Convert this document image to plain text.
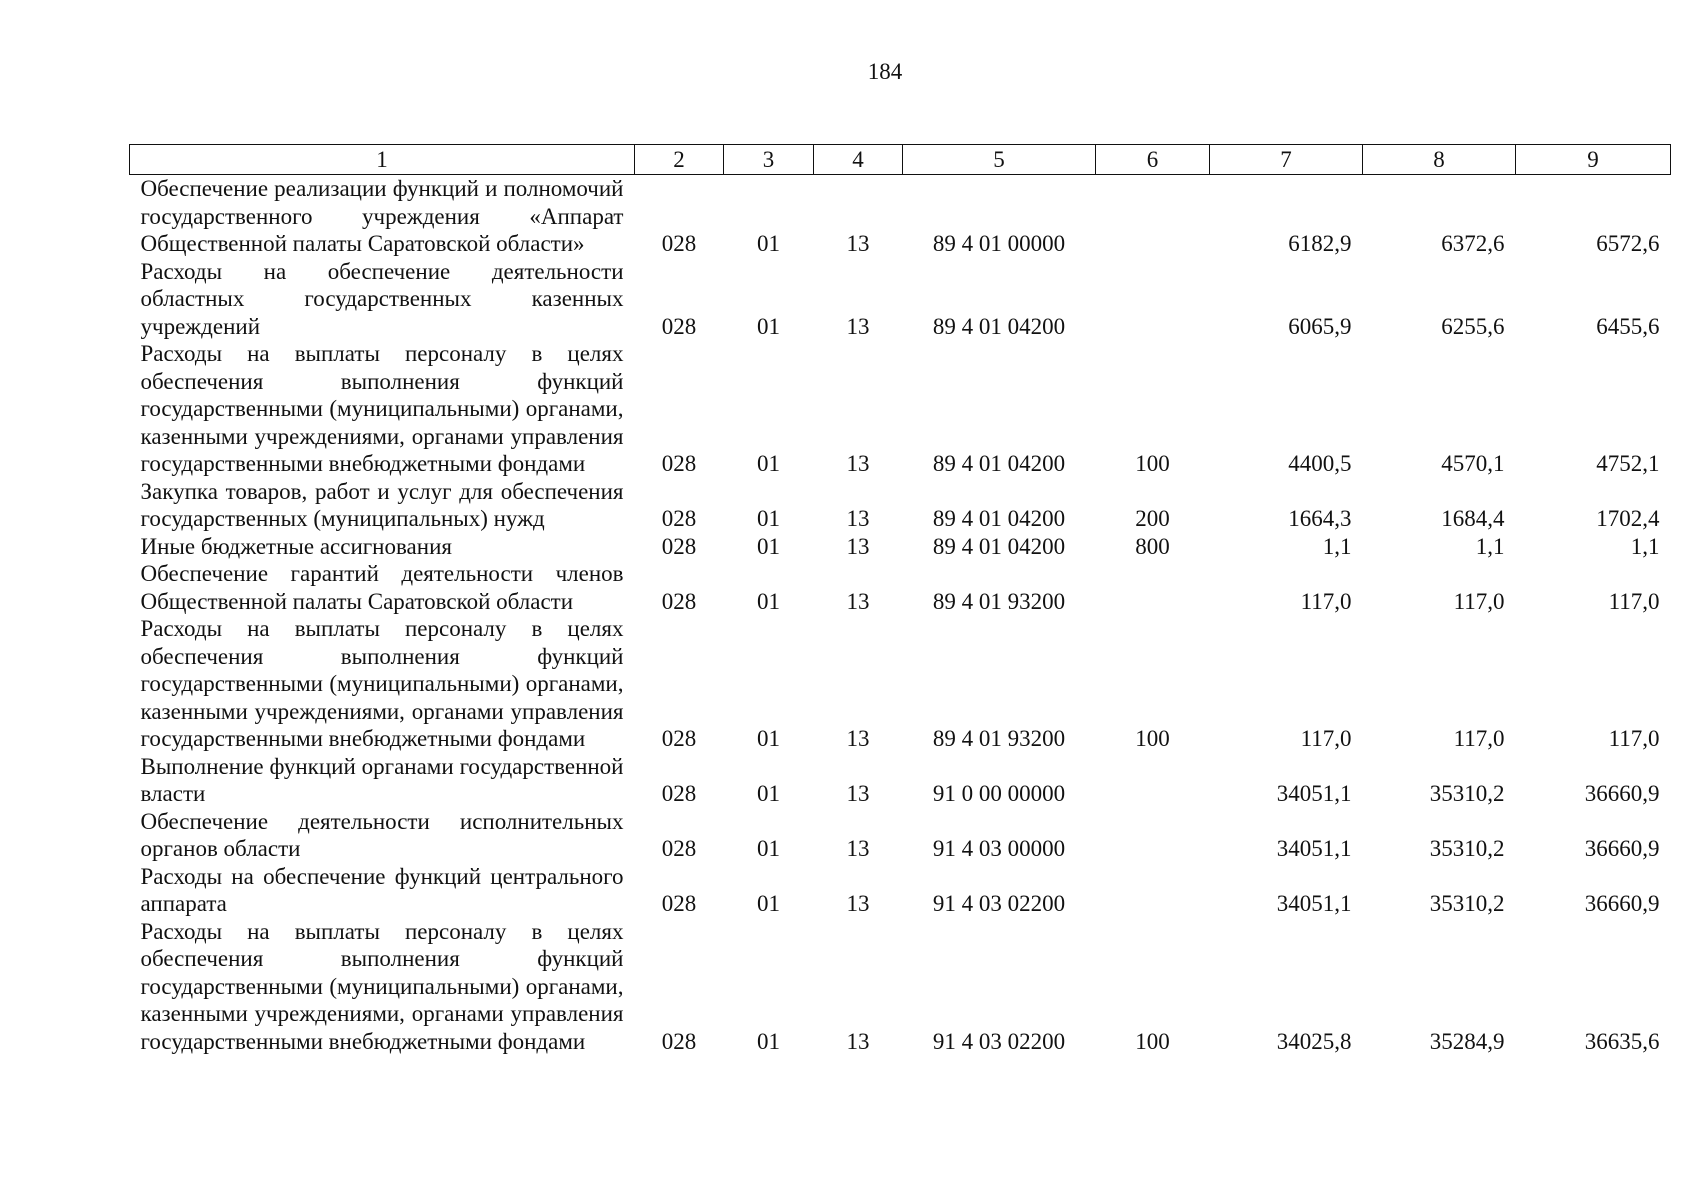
184
1	2	3	4	5	6	7	8	9
Обеспечение реализации функций и полномочий государственного учреждения «Аппарат Общественной палаты Саратовской области»	028	01	13	89 4 01 00000		6182,9	6372,6	6572,6
Расходы на обеспечение деятельности областных государственных казенных учреждений	028	01	13	89 4 01 04200		6065,9	6255,6	6455,6
Расходы на выплаты персоналу в целях обеспечения выполнения функций государственными (муниципальными) органами, казенными учреждениями, органами управления государственными внебюджетными фондами	028	01	13	89 4 01 04200	100	4400,5	4570,1	4752,1
Закупка товаров, работ и услуг для обеспечения государственных (муниципальных) нужд	028	01	13	89 4 01 04200	200	1664,3	1684,4	1702,4
Иные бюджетные ассигнования	028	01	13	89 4 01 04200	800	1,1	1,1	1,1
Обеспечение гарантий деятельности членов Общественной палаты Саратовской области	028	01	13	89 4 01 93200		117,0	117,0	117,0
Расходы на выплаты персоналу в целях обеспечения выполнения функций государственными (муниципальными) органами, казенными учреждениями, органами управления государственными внебюджетными фондами	028	01	13	89 4 01 93200	100	117,0	117,0	117,0
Выполнение функций органами государственной власти	028	01	13	91 0 00 00000		34051,1	35310,2	36660,9
Обеспечение деятельности исполнительных органов области	028	01	13	91 4 03 00000		34051,1	35310,2	36660,9
Расходы на обеспечение функций центрального аппарата	028	01	13	91 4 03 02200		34051,1	35310,2	36660,9
Расходы на выплаты персоналу в целях обеспечения выполнения функций государственными (муниципальными) органами, казенными учреждениями, органами управления государственными внебюджетными фондами	028	01	13	91 4 03 02200	100	34025,8	35284,9	36635,6
